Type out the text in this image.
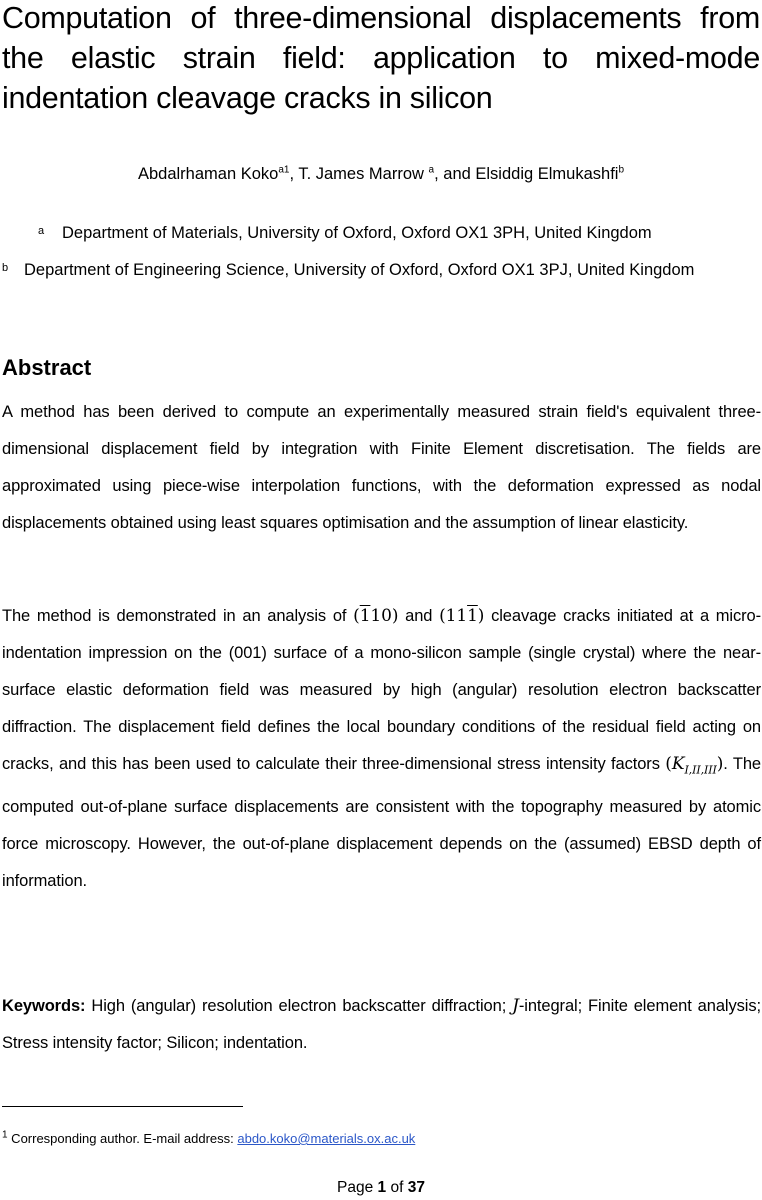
Computation of three-dimensional displacements from the elastic strain field: application to mixed-mode indentation cleavage cracks in silicon
Abdalrhaman Koko$^{a1}$, T. James Marrow $^a$, and Elsiddig Elmukashfi$^b$
a Department of Materials, University of Oxford, Oxford OX1 3PH, United Kingdom
b Department of Engineering Science, University of Oxford, Oxford OX1 3PJ, United Kingdom
Abstract

A method has been derived to compute an experimentally measured strain field's equivalent three-dimensional displacement field by integration with Finite Element discretisation. The fields are approximated using piece-wise interpolation functions, with the deformation expressed as nodal displacements obtained using least squares optimisation and the assumption of linear elasticity.

The method is demonstrated in an analysis of (110) and (111) cleavage cracks initiated at a micro-indentation impression on the (001) surface of a mono-silicon sample (single crystal) where the near-surface elastic deformation field was measured by high (angular) resolution electron backscatter diffraction. The displacement field defines the local boundary conditions of the residual field acting on cracks, and this has been used to calculate their three-dimensional stress intensity factors $(K_{I,II,III})$. The computed out-of-plane surface displacements are consistent with the topography measured by atomic force microscopy. However, the out-of-plane displacement depends on the (assumed) EBSD depth of information.

Keywords: High (angular) resolution electron backscatter diffraction; J-integral; Finite element analysis; Stress intensity factor; Silicon; indentation.

$^1$ Corresponding author. E-mail address: abdo.koko@materials.ox.ac.uk
Page 1 of 37
